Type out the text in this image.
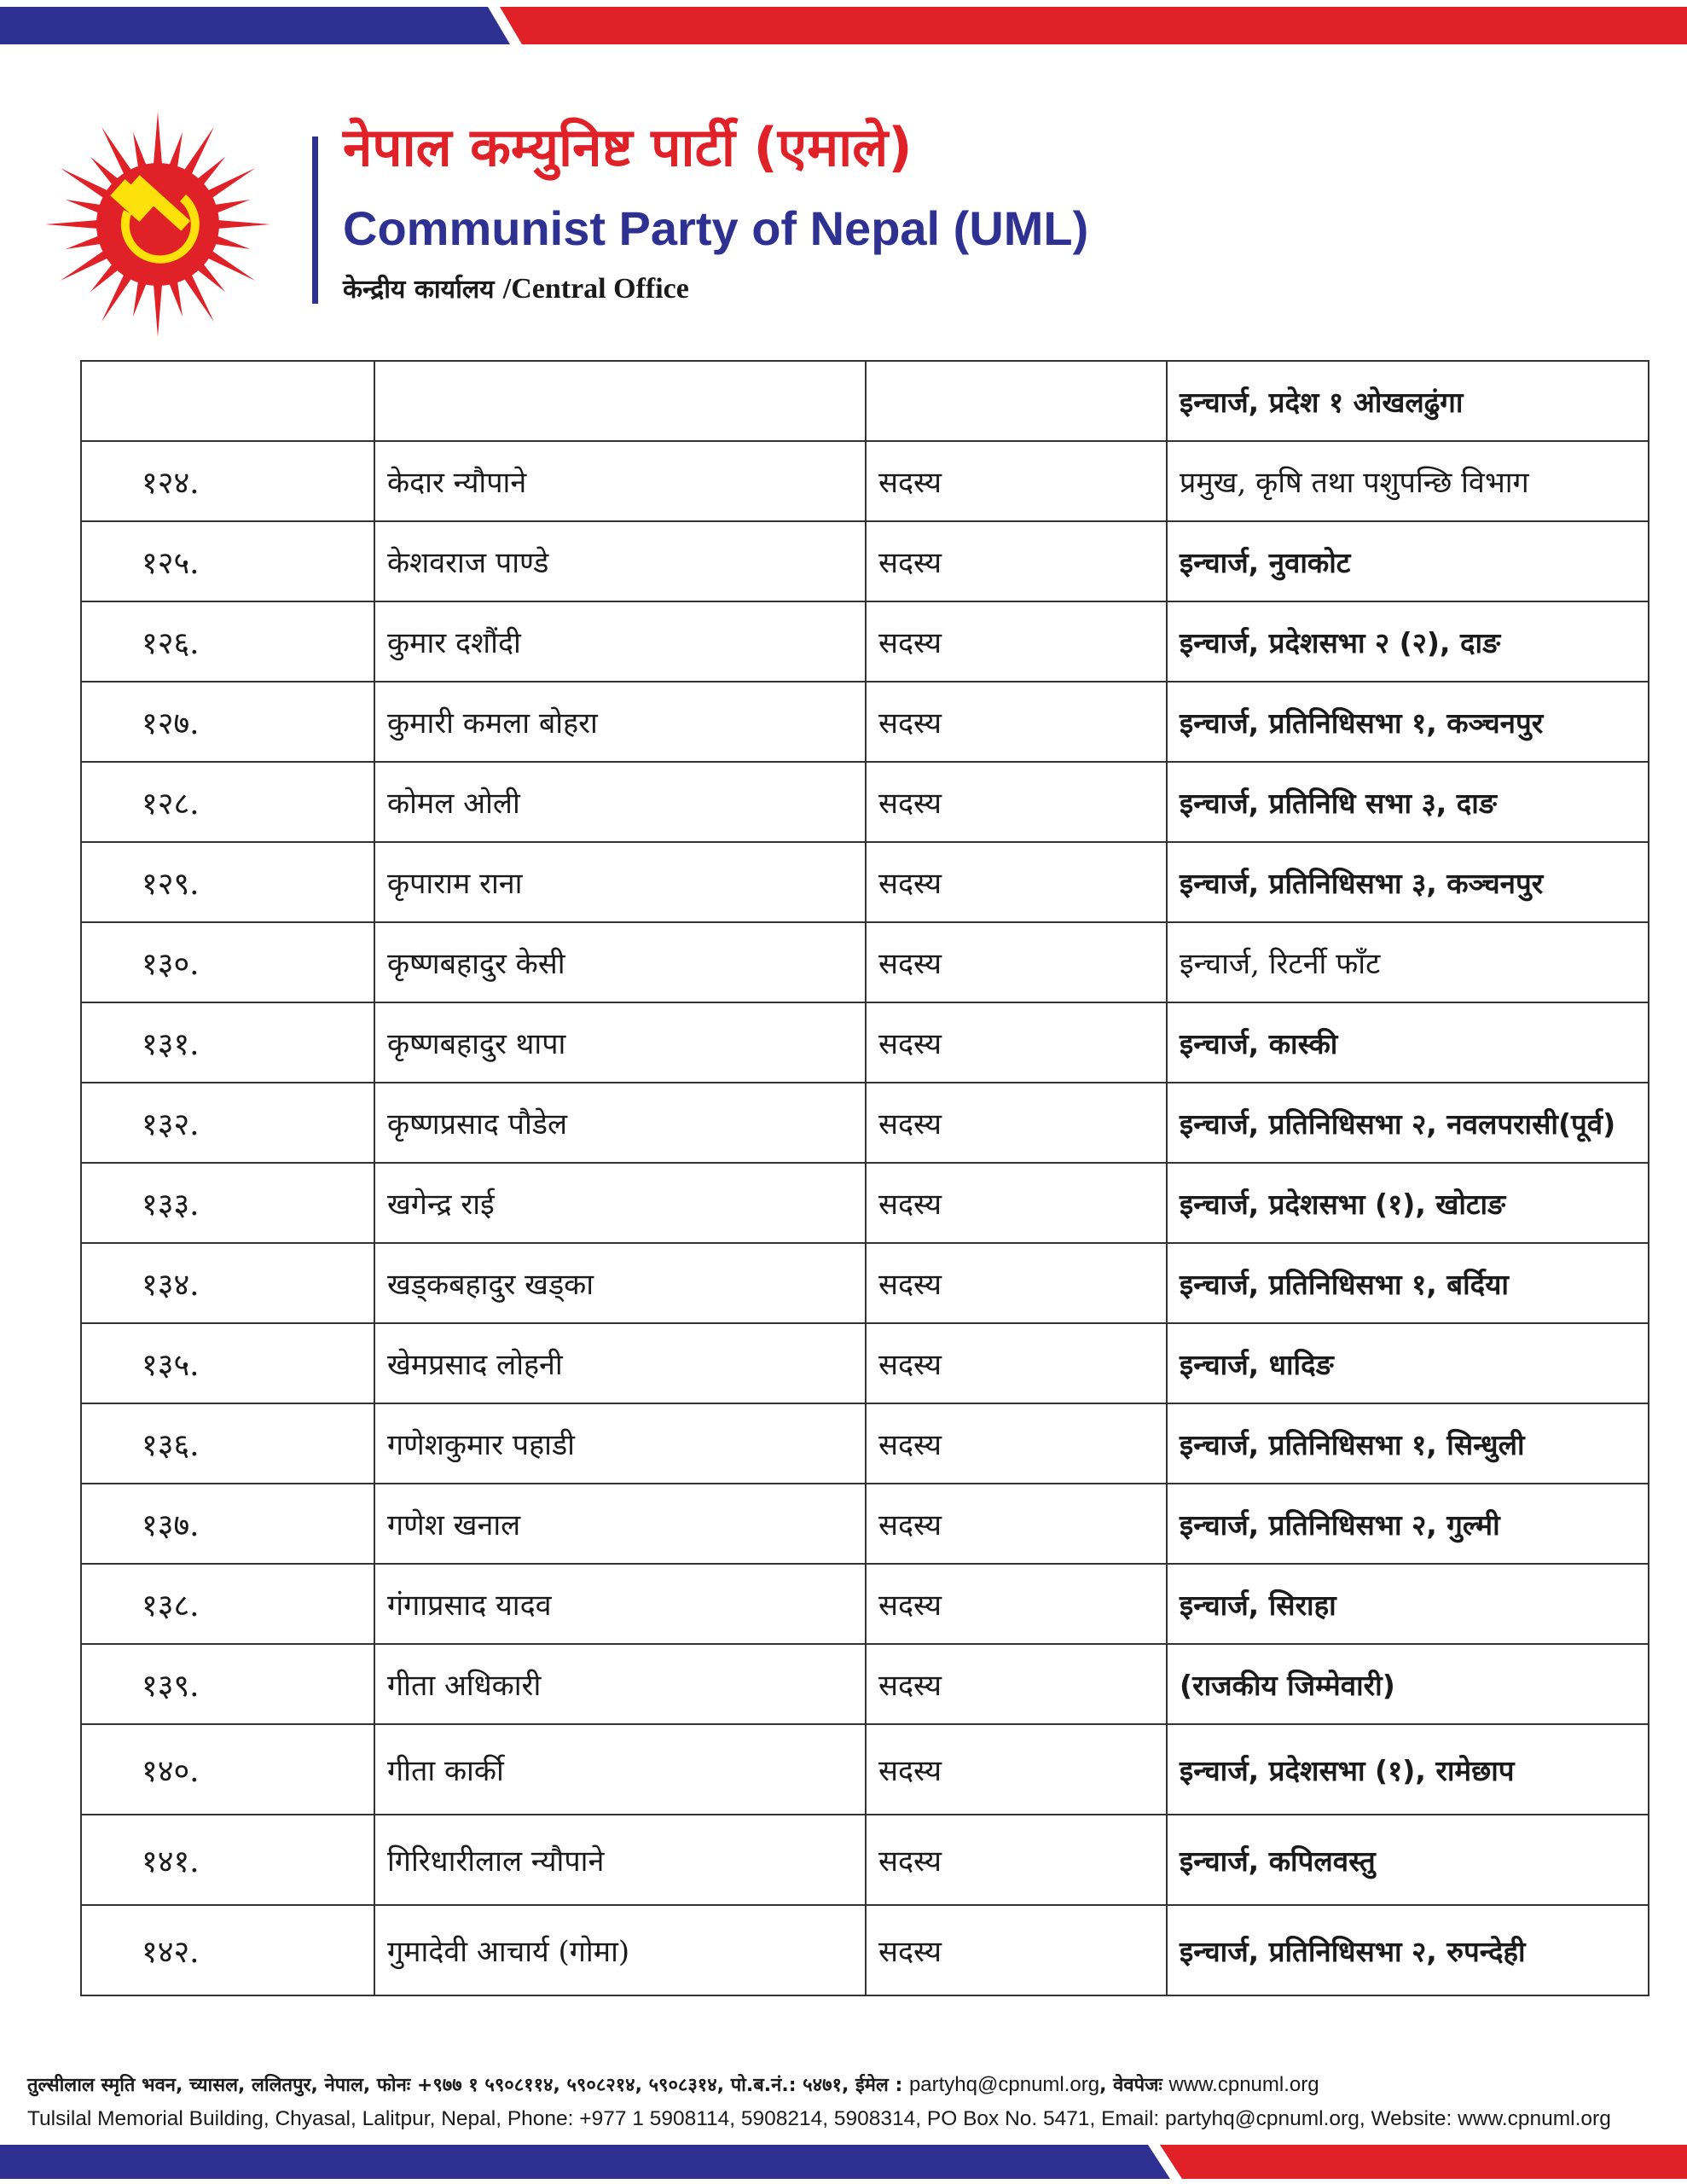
नेपाल कम्युनिष्ट पार्टी (एमाले)
Communist Party of Nepal (UML)
केन्द्रीय कार्यालय /Central Office
			इन्चार्ज, प्रदेश १ ओखलढुंगा
१२४.	केदार न्यौपाने	सदस्य	प्रमुख, कृषि तथा पशुपन्छि विभाग
१२५.	केशवराज पाण्डे	सदस्य	इन्चार्ज, नुवाकोट
१२६.	कुमार दशौंदी	सदस्य	इन्चार्ज, प्रदेशसभा २ (२), दाङ
१२७.	कुमारी कमला बोहरा	सदस्य	इन्चार्ज, प्रतिनिधिसभा १, कञ्चनपुर
१२८.	कोमल ओली	सदस्य	इन्चार्ज, प्रतिनिधि सभा ३, दाङ
१२९.	कृपाराम राना	सदस्य	इन्चार्ज, प्रतिनिधिसभा ३, कञ्चनपुर
१३०.	कृष्णबहादुर केसी	सदस्य	इन्चार्ज, रिटर्नी फाँट
१३१.	कृष्णबहादुर थापा	सदस्य	इन्चार्ज, कास्की
१३२.	कृष्णप्रसाद पौडेल	सदस्य	इन्चार्ज, प्रतिनिधिसभा २, नवलपरासी(पूर्व)
१३३.	खगेन्द्र राई	सदस्य	इन्चार्ज, प्रदेशसभा (१), खोटाङ
१३४.	खड्कबहादुर खड्का	सदस्य	इन्चार्ज, प्रतिनिधिसभा १, बर्दिया
१३५.	खेमप्रसाद लोहनी	सदस्य	इन्चार्ज, धादिङ
१३६.	गणेशकुमार पहाडी	सदस्य	इन्चार्ज, प्रतिनिधिसभा १, सिन्धुली
१३७.	गणेश खनाल	सदस्य	इन्चार्ज, प्रतिनिधिसभा २, गुल्मी
१३८.	गंगाप्रसाद यादव	सदस्य	इन्चार्ज, सिराहा
१३९.	गीता अधिकारी	सदस्य	(राजकीय जिम्मेवारी)
१४०.	गीता कार्की	सदस्य	इन्चार्ज, प्रदेशसभा (१), रामेछाप
१४१.	गिरिधारीलाल न्यौपाने	सदस्य	इन्चार्ज, कपिलवस्तु
१४२.	गुमादेवी आचार्य (गोमा)	सदस्य	इन्चार्ज, प्रतिनिधिसभा २, रुपन्देही
तुल्सीलाल स्मृति भवन, च्यासल, ललितपुर, नेपाल, फोनः +९७७ १ ५९०८११४, ५९०८२१४, ५९०८३१४, पो.ब.नं.: ५४७१, ईमेल : partyhq@cpnuml.org, वेवपेजः www.cpnuml.org
Tulsilal Memorial Building, Chyasal, Lalitpur, Nepal, Phone: +977 1 5908114, 5908214, 5908314, PO Box No. 5471, Email: partyhq@cpnuml.org, Website: www.cpnuml.org
